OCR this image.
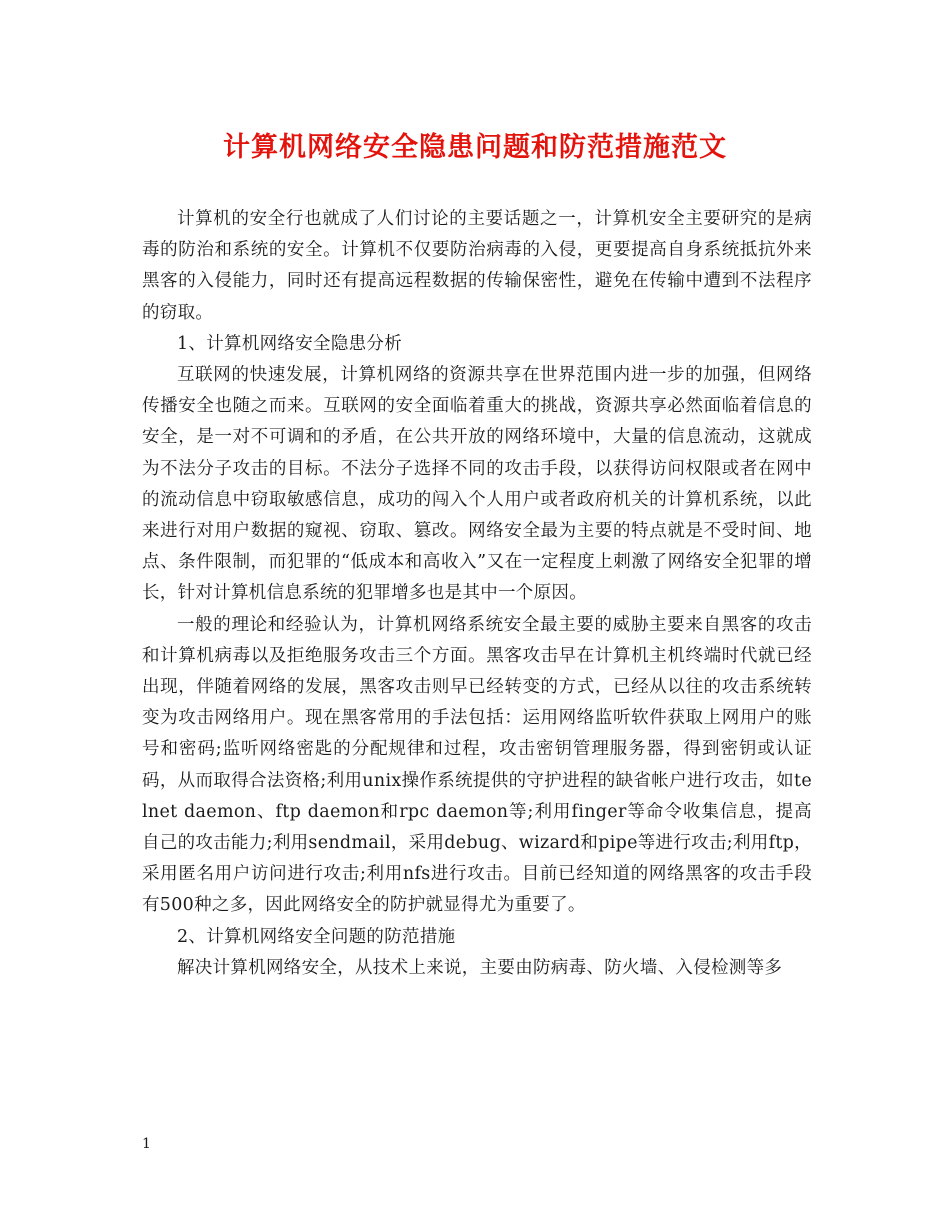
计算机网络安全隐患问题和防范措施范文

计算机的安全行也就成了人们讨论的主要话题之一，计算机安全主要研究的是病毒的防治和系统的安全。计算机不仅要防治病毒的入侵，更要提高自身系统抵抗外来黑客的入侵能力，同时还有提高远程数据的传输保密性，避免在传输中遭到不法程序的窃取。

1、计算机网络安全隐患分析

互联网的快速发展，计算机网络的资源共享在世界范围内进一步的加强，但网络传播安全也随之而来。互联网的安全面临着重大的挑战，资源共享必然面临着信息的安全，是一对不可调和的矛盾，在公共开放的网络环境中，大量的信息流动，这就成为不法分子攻击的目标。不法分子选择不同的攻击手段，以获得访问权限或者在网中的流动信息中窃取敏感信息，成功的闯入个人用户或者政府机关的计算机系统，以此来进行对用户数据的窥视、窃取、篡改。网络安全最为主要的特点就是不受时间、地点、条件限制，而犯罪的“低成本和高收入”又在一定程度上刺激了网络安全犯罪的增长，针对计算机信息系统的犯罪增多也是其中一个原因。

一般的理论和经验认为，计算机网络系统安全最主要的威胁主要来自黑客的攻击和计算机病毒以及拒绝服务攻击三个方面。黑客攻击早在计算机主机终端时代就已经出现，伴随着网络的发展，黑客攻击则早已经转变的方式，已经从以往的攻击系统转变为攻击网络用户。现在黑客常用的手法包括：运用网络监听软件获取上网用户的账号和密码;监听网络密匙的分配规律和过程，攻击密钥管理服务器，得到密钥或认证码，从而取得合法资格;利用unix操作系统提供的守护进程的缺省帐户进行攻击，如telnet daemon、ftp daemon和rpc daemon等;利用finger等命令收集信息，提高自己的攻击能力;利用sendmail，采用debug、wizard和pipe等进行攻击;利用ftp，采用匿名用户访问进行攻击;利用nfs进行攻击。目前已经知道的网络黑客的攻击手段有500种之多，因此网络安全的防护就显得尤为重要了。

2、计算机网络安全问题的防范措施

解决计算机网络安全，从技术上来说，主要由防病毒、防火墙、入侵检测等多

1
